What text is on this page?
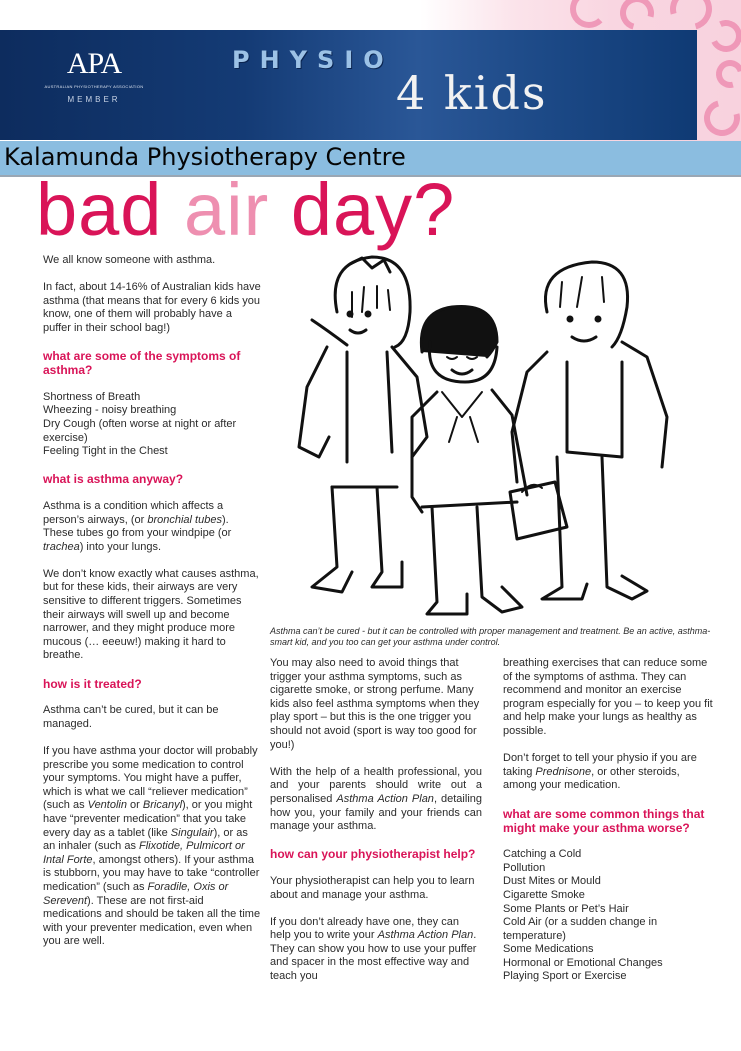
APA
AUSTRALIAN PHYSIOTHERAPY ASSOCIATION
MEMBER
PHYSIO
4 kids
Kalamunda Physiotherapy Centre
bad air day?

We all know someone with asthma.

In fact, about 14-16% of Australian kids have asthma (that means that for every 6 kids you know, one of them will probably have a puffer in their school bag!)

what are some of the symptoms of asthma?
Shortness of Breath
Wheezing - noisy breathing
Dry Cough (often worse at night or after exercise)
Feeling Tight in the Chest
what is asthma anyway?

Asthma is a condition which affects a person’s airways, (or bronchial tubes). These tubes go from your windpipe (or trachea) into your lungs.

We don’t know exactly what causes asthma, but for these kids, their airways are very sensitive to different triggers. Sometimes their airways will swell up and become narrower, and they might produce more mucous (… eeeuw!) making it hard to breathe.

how is it treated?

Asthma can’t be cured, but it can be managed.

If you have asthma your doctor will probably prescribe you some medication to control your symptoms. You might have a puffer, which is what we call “reliever medication” (such as Ventolin or Bricanyl), or you might have “preventer medication” that you take every day as a tablet (like Singulair), or as an inhaler (such as Flixotide, Pulmicort or Intal Forte, amongst others). If your asthma is stubborn, you may have to take “controller medication” (such as Foradile, Oxis or Serevent). These are not first-aid medications and should be taken all the time with your preventer medication, even when you are well.

Asthma can’t be cured - but it can be controlled with proper management and treatment. Be an active, asthma-smart kid, and you too can get your asthma under control.

You may also need to avoid things that trigger your asthma symptoms, such as cigarette smoke, or strong perfume. Many kids also feel asthma symptoms when they play sport – but this is the one trigger you should not avoid (sport is way too good for you!)

With the help of a health professional, you and your parents should write out a personalised Asthma Action Plan, detailing how you, your family and your friends can manage your asthma.

how can your physiotherapist help?

Your physiotherapist can help you to learn about and manage your asthma.

If you don’t already have one, they can help you to write your Asthma Action Plan. They can show you how to use your puffer and spacer in the most effective way and teach you

breathing exercises that can reduce some of the symptoms of asthma. They can recommend and monitor an exercise program especially for you – to keep you fit and help make your lungs as healthy as possible.

Don’t forget to tell your physio if you are taking Prednisone, or other steroids, among your medication.

what are some common things that might make your asthma worse?
Catching a Cold
Pollution
Dust Mites or Mould
Cigarette Smoke
Some Plants or Pet’s Hair
Cold Air (or a sudden change in temperature)
Some Medications
Hormonal or Emotional Changes
Playing Sport or Exercise
